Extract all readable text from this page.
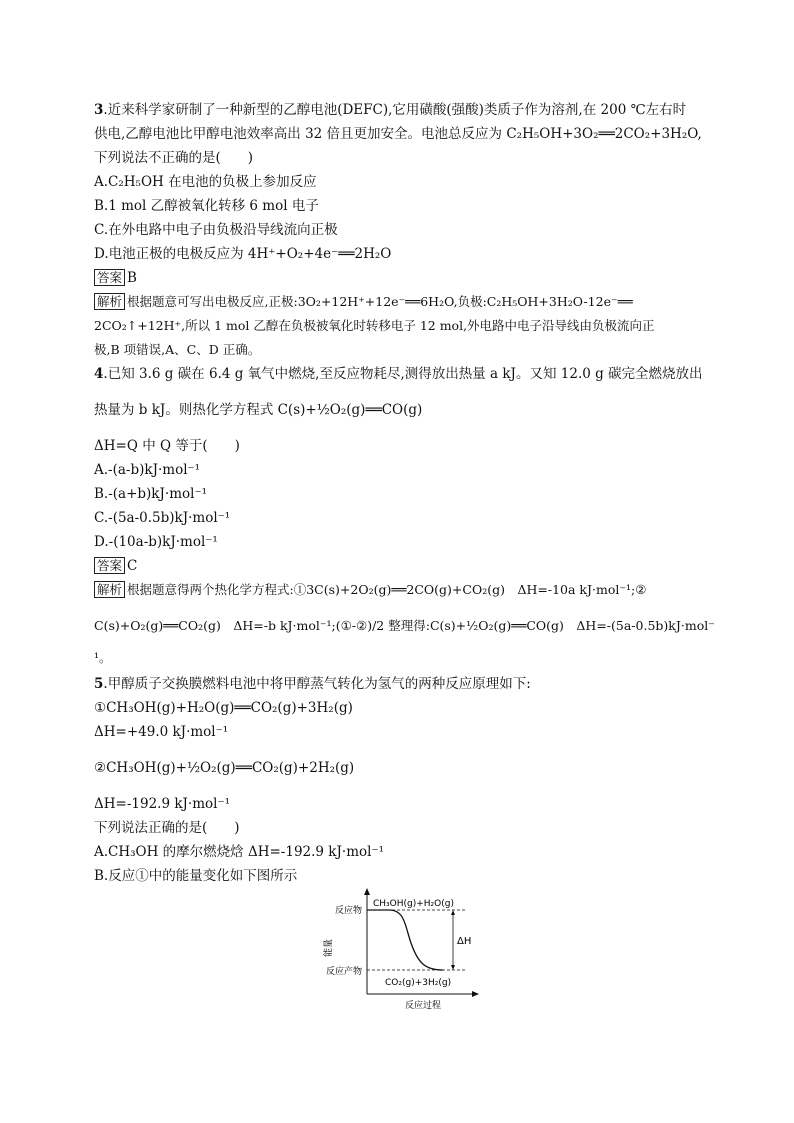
3.近来科学家研制了一种新型的乙醇电池(DEFC),它用磺酸(强酸)类质子作为溶剂,在 200 ℃左右时
供电,乙醇电池比甲醇电池效率高出 32 倍且更加安全。电池总反应为 C₂H₅OH+3O₂══2CO₂+3H₂O,
下列说法不正确的是(　　)
A.C₂H₅OH 在电池的负极上参加反应
B.1 mol 乙醇被氧化转移 6 mol 电子
C.在外电路中电子由负极沿导线流向正极
D.电池正极的电极反应为 4H⁺+O₂+4e⁻══2H₂O
答案 B
解析 根据题意可写出电极反应,正极:3O₂+12H⁺+12e⁻══6H₂O,负极:C₂H₅OH+3H₂O-12e⁻══
2CO₂↑+12H⁺,所以 1 mol 乙醇在负极被氧化时转移电子 12 mol,外电路中电子沿导线由负极流向正
极,B 项错误,A、C、D 正确。
4.已知 3.6 g 碳在 6.4 g 氧气中燃烧,至反应物耗尽,测得放出热量 a kJ。又知 12.0 g 碳完全燃烧放出
热量为 b kJ。则热化学方程式 C(s)+½O₂(g)══CO(g)
ΔH=Q 中 Q 等于(　　)
A.-(a-b)kJ·mol⁻¹
B.-(a+b)kJ·mol⁻¹
C.-(5a-0.5b)kJ·mol⁻¹
D.-(10a-b)kJ·mol⁻¹
答案 C
解析 根据题意得两个热化学方程式:①3C(s)+2O₂(g)══2CO(g)+CO₂(g)　ΔH=-10a kJ·mol⁻¹;②
C(s)+O₂(g)══CO₂(g)　ΔH=-b kJ·mol⁻¹;(①-②)/2 整理得:C(s)+½O₂(g)══CO(g)　ΔH=-(5a-0.5b)kJ·mol⁻
¹。
5.甲醇质子交换膜燃料电池中将甲醇蒸气转化为氢气的两种反应原理如下:
①CH₃OH(g)+H₂O(g)══CO₂(g)+3H₂(g)
ΔH=+49.0 kJ·mol⁻¹
②CH₃OH(g)+½O₂(g)══CO₂(g)+2H₂(g)
ΔH=-192.9 kJ·mol⁻¹
下列说法正确的是(　　)
A.CH₃OH 的摩尔燃烧焓 ΔH=-192.9 kJ·mol⁻¹
B.反应①中的能量变化如下图所示
ΔH
反应物
反应产物
CH₃OH(g)+H₂O(g)
CO₂(g)+3H₂(g)
能量
反应过程
